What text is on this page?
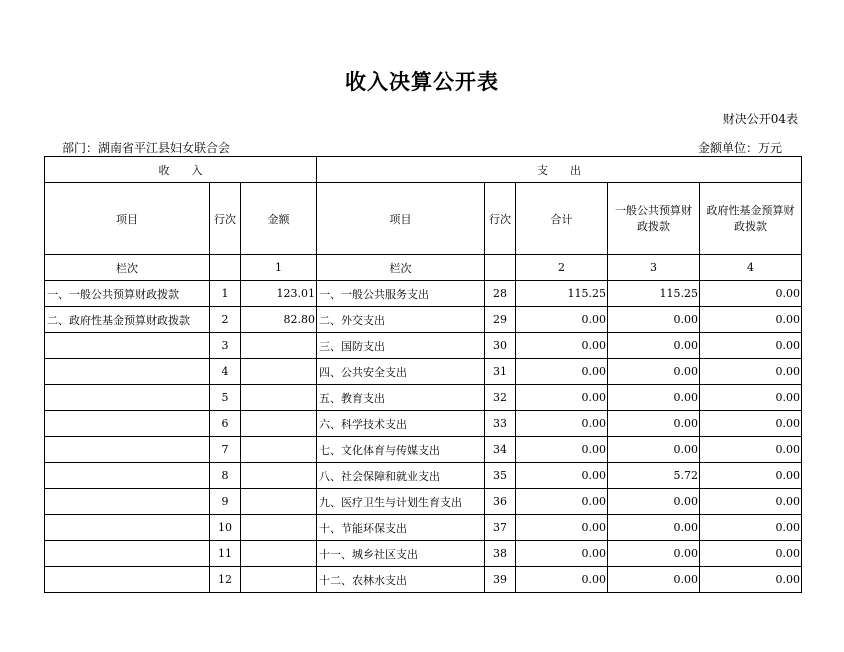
收入决算公开表
财决公开04表
部门：湖南省平江县妇女联合会	金额单位：万元
收　　入			支　　出				
项目	行次	金额	项目	行次	合计	一般公共预算财政拨款	政府性基金预算财政拨款
栏次		1	栏次		2	3	4
一、一般公共预算财政拨款	1	123.01	一、一般公共服务支出	28	115.25	115.25	0.00
二、政府性基金预算财政拨款	2	82.80	二、外交支出	29	0.00	0.00	0.00
	3		三、国防支出	30	0.00	0.00	0.00
	4		四、公共安全支出	31	0.00	0.00	0.00
	5		五、教育支出	32	0.00	0.00	0.00
	6		六、科学技术支出	33	0.00	0.00	0.00
	7		七、文化体育与传媒支出	34	0.00	0.00	0.00
	8		八、社会保障和就业支出	35	0.00	5.72	0.00
	9		九、医疗卫生与计划生育支出	36	0.00	0.00	0.00
	10		十、节能环保支出	37	0.00	0.00	0.00
	11		十一、城乡社区支出	38	0.00	0.00	0.00
	12		十二、农林水支出	39	0.00	0.00	0.00
